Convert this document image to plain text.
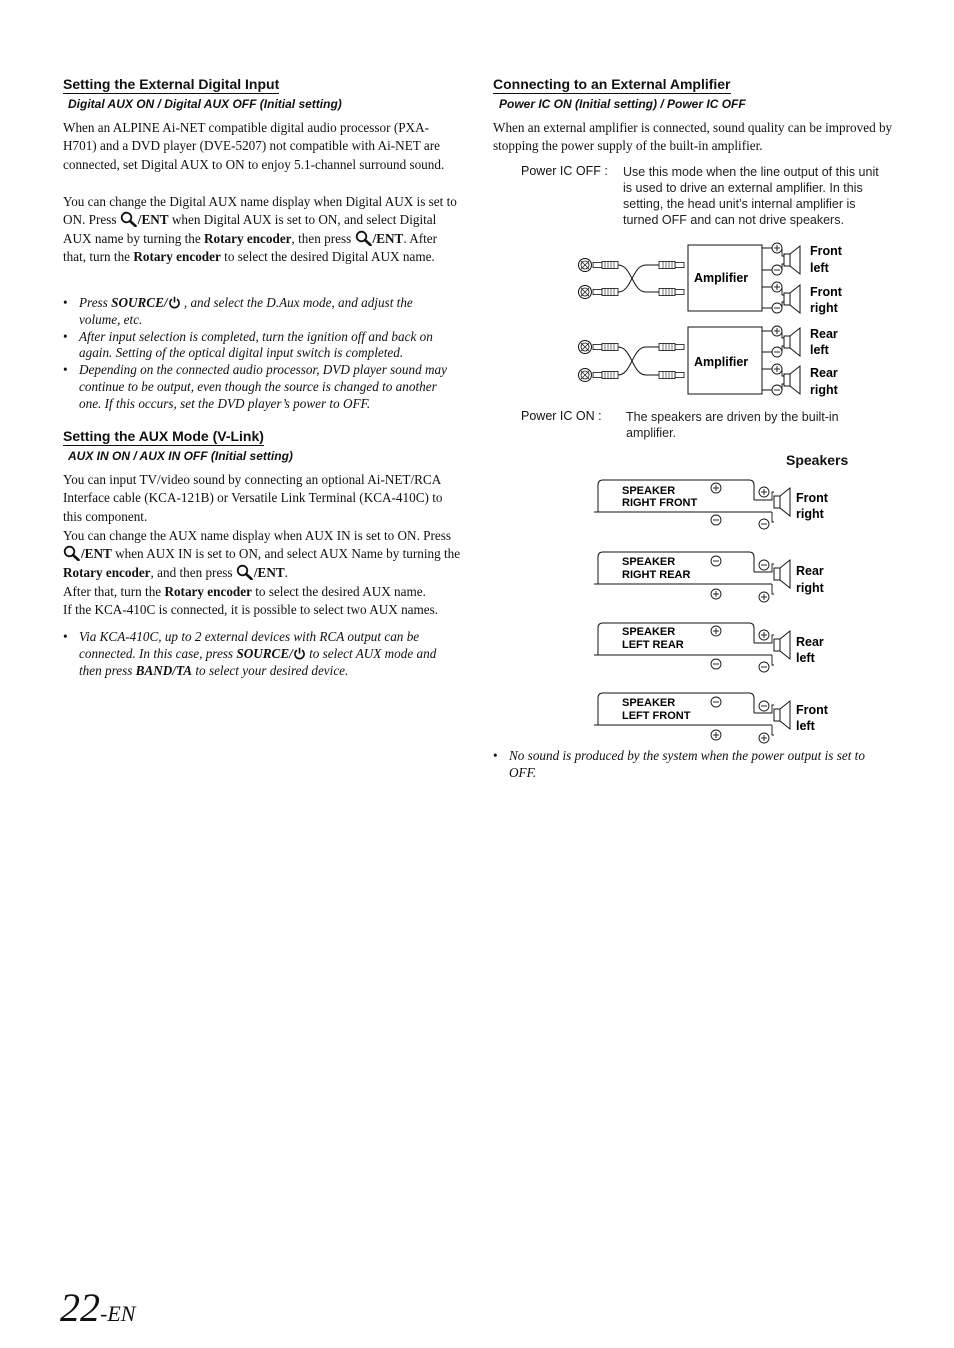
Setting the External Digital Input
Digital AUX ON / Digital AUX OFF (Initial setting)
When an ALPINE Ai-NET compatible digital audio processor (PXA-H701) and a DVD player (DVE-5207) not compatible with Ai-NET are connected, set Digital AUX to ON to enjoy 5.1-channel surround sound.
You can change the Digital AUX name display when Digital AUX is set to ON. Press /ENT when Digital AUX is set to ON, and select Digital AUX name by turning the Rotary encoder, then press /ENT. After that, turn the Rotary encoder to select the desired Digital AUX name.
• Press SOURCE/ , and select the D.Aux mode, and adjust the volume, etc.
• After input selection is completed, turn the ignition off and back on again. Setting of the optical digital input switch is completed.
• Depending on the connected audio processor, DVD player sound may continue to be output, even though the source is changed to another one. If this occurs, set the DVD player’s power to OFF.
Setting the AUX Mode (V-Link)
AUX IN ON / AUX IN OFF (Initial setting)
You can input TV/video sound by connecting an optional Ai-NET/RCA Interface cable (KCA-121B) or Versatile Link Terminal (KCA-410C) to this component.
You can change the AUX name display when AUX IN is set to ON. Press /ENT when AUX IN is set to ON, and select AUX Name by turning the Rotary encoder, and then press /ENT.
After that, turn the Rotary encoder to select the desired AUX name.
If the KCA-410C is connected, it is possible to select two AUX names.
• Via KCA-410C, up to 2 external devices with RCA output can be connected. In this case, press SOURCE/ to select AUX mode and then press BAND/TA to select your desired device.
Connecting to an External Amplifier
Power IC ON (Initial setting) / Power IC OFF
When an external amplifier is connected, sound quality can be improved by stopping the power supply of the built-in amplifier.
Power IC OFF : Use this mode when the line output of this unit is used to drive an external amplifier. In this setting, the head unit’s internal amplifier is turned OFF and can not drive speakers.
Amplifier
Front
left
Front
right
Amplifier
Rear
left
Rear
right
Power IC ON : The speakers are driven by the built-in amplifier.
Speakers
SPEAKER
RIGHT FRONT	Front
right
SPEAKER
RIGHT REAR	Rear
right
SPEAKER
LEFT REAR	Rear
left
SPEAKER
LEFT FRONT	Front
left
• No sound is produced by the system when the power output is set to OFF.
22-EN
